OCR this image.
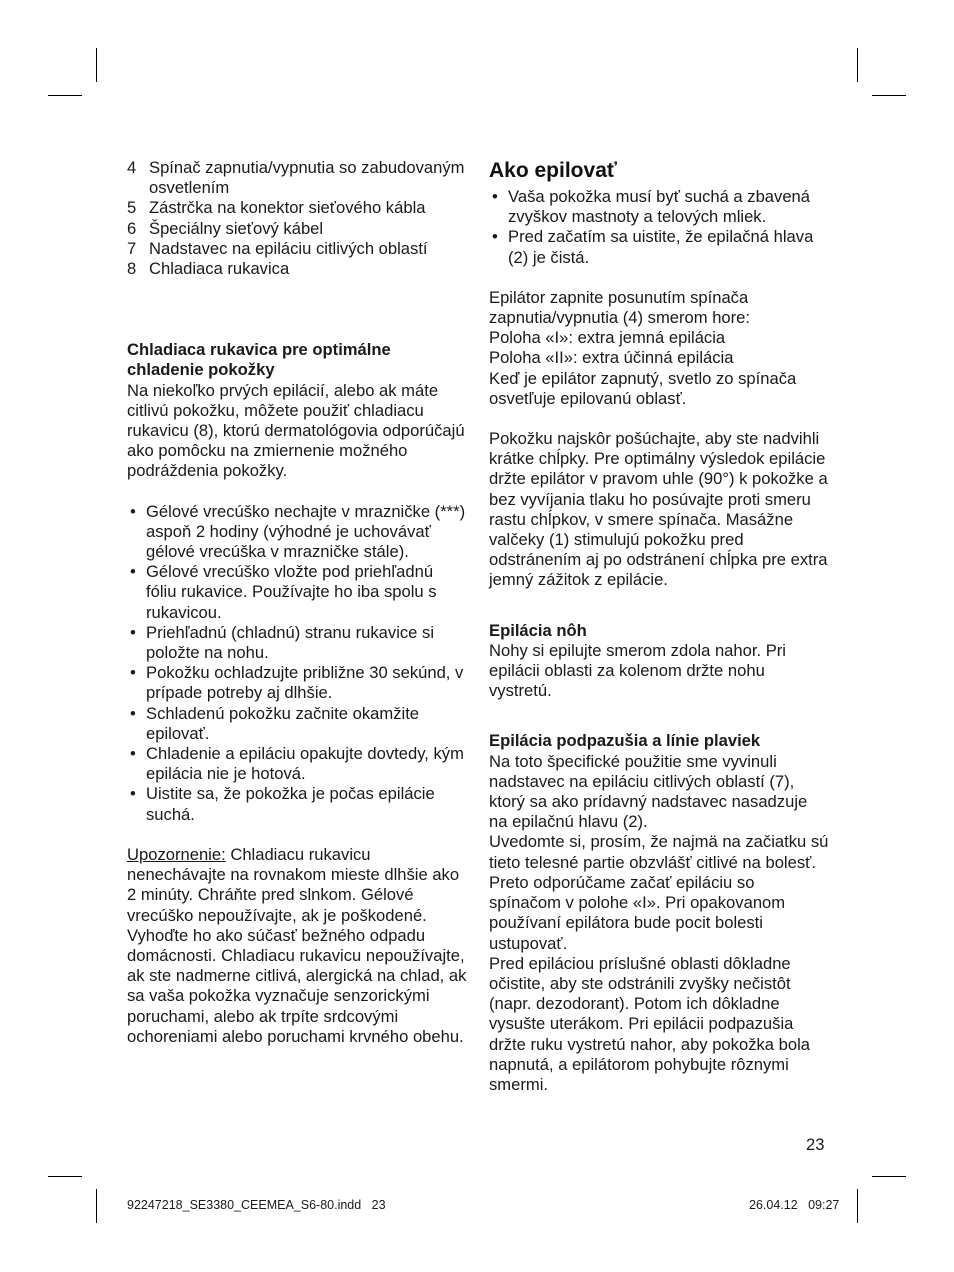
4 Spínač zapnutia/vypnutia so zabudovaným osvetlením
5 Zástrčka na konektor sieťového kábla
6 Špeciálny sieťový kábel
7 Nadstavec na epiláciu citlivých oblastí
8 Chladiaca rukavica
Chladiaca rukavica pre optimálne chladenie pokožky

Na niekoľko prvých epilácií, alebo ak máte citlivú pokožku, môžete použiť chladiacu rukavicu (8), ktorú dermatológovia odporúčajú ako pomôcku na zmiernenie možného podráždenia pokožky.

• Gélové vrecúško nechajte v mrazničke (***) aspoň 2 hodiny (výhodné je uchovávať gélové vrecúška v mrazničke stále).
• Gélové vrecúško vložte pod priehľadnú fóliu rukavice. Používajte ho iba spolu s rukavicou.
• Priehľadnú (chladnú) stranu rukavice si položte na nohu.
• Pokožku ochladzujte približne 30 sekúnd, v prípade potreby aj dlhšie.
• Schladenú pokožku začnite okamžite epilovať.
• Chladenie a epiláciu opakujte dovtedy, kým epilácia nie je hotová.
• Uistite sa, že pokožka je počas epilácie suchá.

Upozornenie: Chladiacu rukavicu nenechávajte na rovnakom mieste dlhšie ako 2 minúty. Chráňte pred slnkom. Gélové vrecúško nepoužívajte, ak je poškodené. Vyhoďte ho ako súčasť bežného odpadu domácnosti. Chladiacu rukavicu nepoužívajte, ak ste nadmerne citlivá, alergická na chlad, ak sa vaša pokožka vyznačuje senzorickými poruchami, alebo ak trpíte srdcovými ochoreniami alebo poruchami krvného obehu.

Ako epilovať
• Vaša pokožka musí byť suchá a zbavená zvyškov mastnoty a telových mliek.
• Pred začatím sa uistite, že epilačná hlava (2) je čistá.
Epilátor zapnite posunutím spínača zapnutia/vypnutia (4) smerom hore:
Poloha «I»: extra jemná epilácia
Poloha «II»: extra účinná epilácia
Keď je epilátor zapnutý, svetlo zo spínača osvetľuje epilovanú oblasť.

Pokožku najskôr pošúchajte, aby ste nadvihli krátke chĺpky. Pre optimálny výsledok epilácie držte epilátor v pravom uhle (90°) k pokožke a bez vyvíjania tlaku ho posúvajte proti smeru rastu chĺpkov, v smere spínača. Masážne valčeky (1) stimulujú pokožku pred odstránením aj po odstránení chĺpka pre extra jemný zážitok z epilácie.

Epilácia nôh

Nohy si epilujte smerom zdola nahor. Pri epilácii oblasti za kolenom držte nohu vystretú.

Epilácia podpazušia a línie plaviek

Na toto špecifické použitie sme vyvinuli nadstavec na epiláciu citlivých oblastí (7), ktorý sa ako prídavný nadstavec nasadzuje na epilačnú hlavu (2).

Uvedomte si, prosím, že najmä na začiatku sú tieto telesné partie obzvlášť citlivé na bolesť. Preto odporúčame začať epiláciu so spínačom v polohe «I». Pri opakovanom používaní epilátora bude pocit bolesti ustupovať.

Pred epiláciou príslušné oblasti dôkladne očistite, aby ste odstránili zvyšky nečistôt (napr. dezodorant). Potom ich dôkladne vysušte uterákom. Pri epilácii podpazušia držte ruku vystretú nahor, aby pokožka bola napnutá, a epilátorom pohybujte rôznymi smermi.

23
92247218_SE3380_CEEMEA_S6-80.indd   23	26.04.12   09:27
